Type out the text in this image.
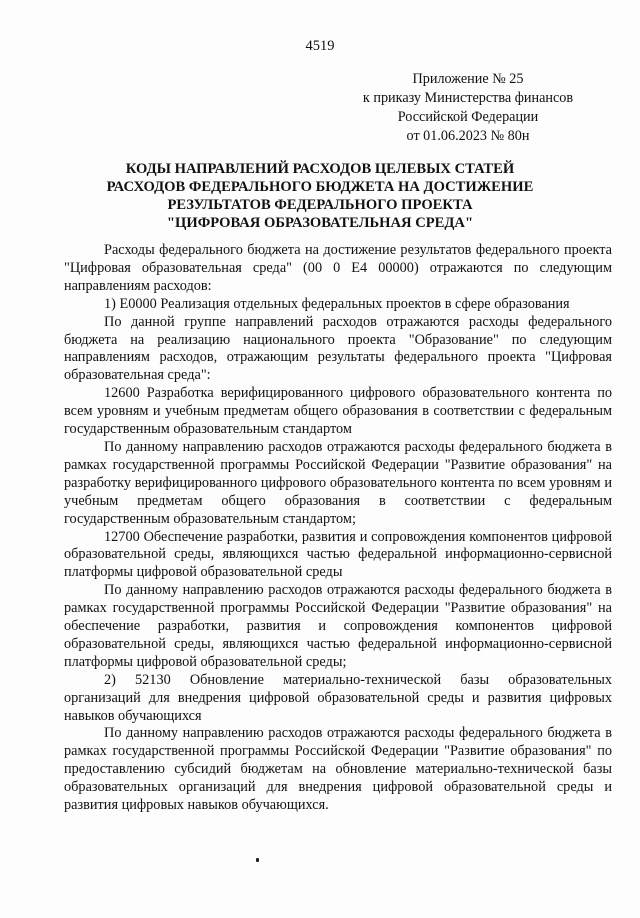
4519
Приложение № 25
к приказу Министерства финансов
Российской Федерации
от 01.06.2023 № 80н
КОДЫ НАПРАВЛЕНИЙ РАСХОДОВ ЦЕЛЕВЫХ СТАТЕЙ
РАСХОДОВ ФЕДЕРАЛЬНОГО БЮДЖЕТА НА ДОСТИЖЕНИЕ
РЕЗУЛЬТАТОВ ФЕДЕРАЛЬНОГО ПРОЕКТА
"ЦИФРОВАЯ ОБРАЗОВАТЕЛЬНАЯ СРЕДА"

Расходы федерального бюджета на достижение результатов федерального проекта "Цифровая образовательная среда" (00 0 Е4 00000) отражаются по следующим направлениям расходов:

1) Е0000 Реализация отдельных федеральных проектов в сфере образования

По данной группе направлений расходов отражаются расходы федерального бюджета на реализацию национального проекта "Образование" по следующим направлениям расходов, отражающим результаты федерального проекта "Цифровая образовательная среда":

12600 Разработка верифицированного цифрового образовательного контента по всем уровням и учебным предметам общего образования в соответствии с федеральным государственным образовательным стандартом

По данному направлению расходов отражаются расходы федерального бюджета в рамках государственной программы Российской Федерации "Развитие образования" на разработку верифицированного цифрового образовательного контента по всем уровням и учебным предметам общего образования в соответствии с федеральным государственным образовательным стандартом;

12700 Обеспечение разработки, развития и сопровождения компонентов цифровой образовательной среды, являющихся частью федеральной информационно-сервисной платформы цифровой образовательной среды

По данному направлению расходов отражаются расходы федерального бюджета в рамках государственной программы Российской Федерации "Развитие образования" на обеспечение разработки, развития и сопровождения компонентов цифровой образовательной среды, являющихся частью федеральной информационно-сервисной платформы цифровой образовательной среды;

2) 52130 Обновление материально-технической базы образовательных организаций для внедрения цифровой образовательной среды и развития цифровых навыков обучающихся

По данному направлению расходов отражаются расходы федерального бюджета в рамках государственной программы Российской Федерации "Развитие образования" по предоставлению субсидий бюджетам на обновление материально-технической базы образовательных организаций для внедрения цифровой образовательной среды и развития цифровых навыков обучающихся.
